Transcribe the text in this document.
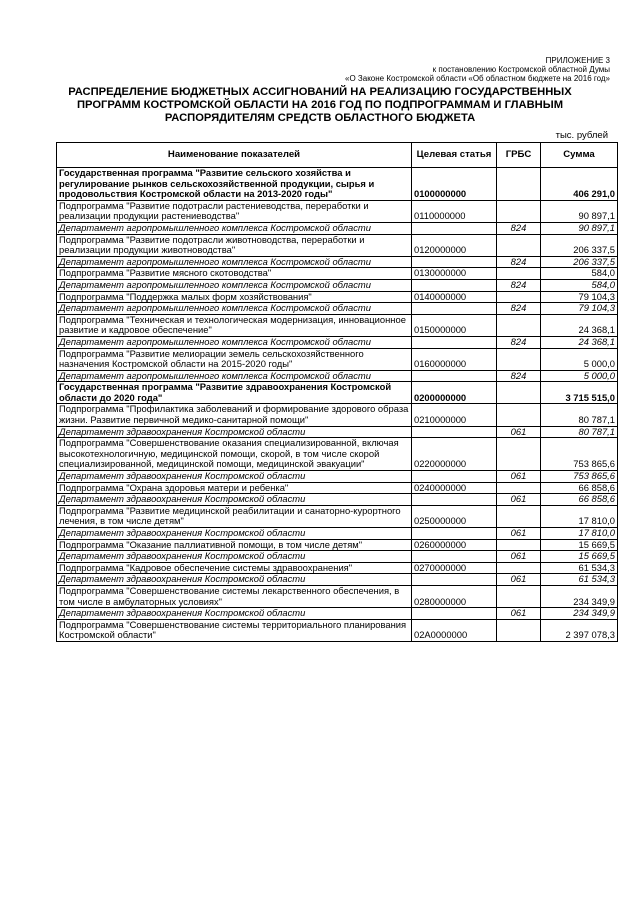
ПРИЛОЖЕНИЕ 3
к постановлению Костромской областной Думы
«О Законе Костромской области «Об областном бюджете на 2016 год»
РАСПРЕДЕЛЕНИЕ БЮДЖЕТНЫХ АССИГНОВАНИЙ НА РЕАЛИЗАЦИЮ ГОСУДАРСТВЕННЫХ
ПРОГРАММ КОСТРОМСКОЙ ОБЛАСТИ НА 2016 ГОД ПО ПОДПРОГРАММАМ И ГЛАВНЫМ
РАСПОРЯДИТЕЛЯМ СРЕДСТВ ОБЛАСТНОГО БЮДЖЕТА
тыс. рублей
Наименование показателей	Целевая статья	ГРБС	Сумма
Государственная программа "Развитие сельского хозяйства и регулирование рынков сельскохозяйственной продукции, сырья и продовольствия Костромской области на 2013-2020 годы"	0100000000		406 291,0
Подпрограмма "Развитие подотрасли растениеводства, переработки и реализации продукции растениеводства"	0110000000		90 897,1
Департамент агропромышленного комплекса Костромской области		824	90 897,1
Подпрограмма "Развитие подотрасли животноводства, переработки и реализации продукции животноводства"	0120000000		206 337,5
Департамент агропромышленного комплекса Костромской области		824	206 337,5
Подпрограмма "Развитие мясного скотоводства"	0130000000		584,0
Департамент агропромышленного комплекса Костромской области		824	584,0
Подпрограмма "Поддержка малых форм хозяйствования"	0140000000		79 104,3
Департамент агропромышленного комплекса Костромской области		824	79 104,3
Подпрограмма "Техническая и технологическая модернизация, инновационное развитие и кадровое обеспечение"	0150000000		24 368,1
Департамент агропромышленного комплекса Костромской области		824	24 368,1
Подпрограмма "Развитие мелиорации земель сельскохозяйственного назначения Костромской области на 2015-2020 годы"	0160000000		5 000,0
Департамент агропромышленного комплекса Костромской области		824	5 000,0
Государственная программа "Развитие здравоохранения Костромской области до 2020 года"	0200000000		3 715 515,0
Подпрограмма "Профилактика заболеваний и формирование здорового образа жизни. Развитие первичной медико-санитарной помощи"	0210000000		80 787,1
Департамент здравоохранения Костромской области		061	80 787,1
Подпрограмма "Совершенствование оказания специализированной, включая высокотехнологичную, медицинской помощи, скорой, в том числе скорой специализированной, медицинской помощи, медицинской эвакуации"	0220000000		753 865,6
Департамент здравоохранения Костромской области		061	753 865,6
Подпрограмма "Охрана здоровья матери и ребенка"	0240000000		66 858,6
Департамент здравоохранения Костромской области		061	66 858,6
Подпрограмма "Развитие медицинской реабилитации и санаторно-курортного лечения, в том числе детям"	0250000000		17 810,0
Департамент здравоохранения Костромской области		061	17 810,0
Подпрограмма "Оказание паллиативной помощи, в том числе детям"	0260000000		15 669,5
Департамент здравоохранения Костромской области		061	15 669,5
Подпрограмма "Кадровое обеспечение системы здравоохранения"	0270000000		61 534,3
Департамент здравоохранения Костромской области		061	61 534,3
Подпрограмма "Совершенствование системы лекарственного обеспечения, в том числе в амбулаторных условиях"	0280000000		234 349,9
Департамент здравоохранения Костромской области		061	234 349,9
Подпрограмма "Совершенствование системы территориального планирования Костромской области"	02А0000000		2 397 078,3
